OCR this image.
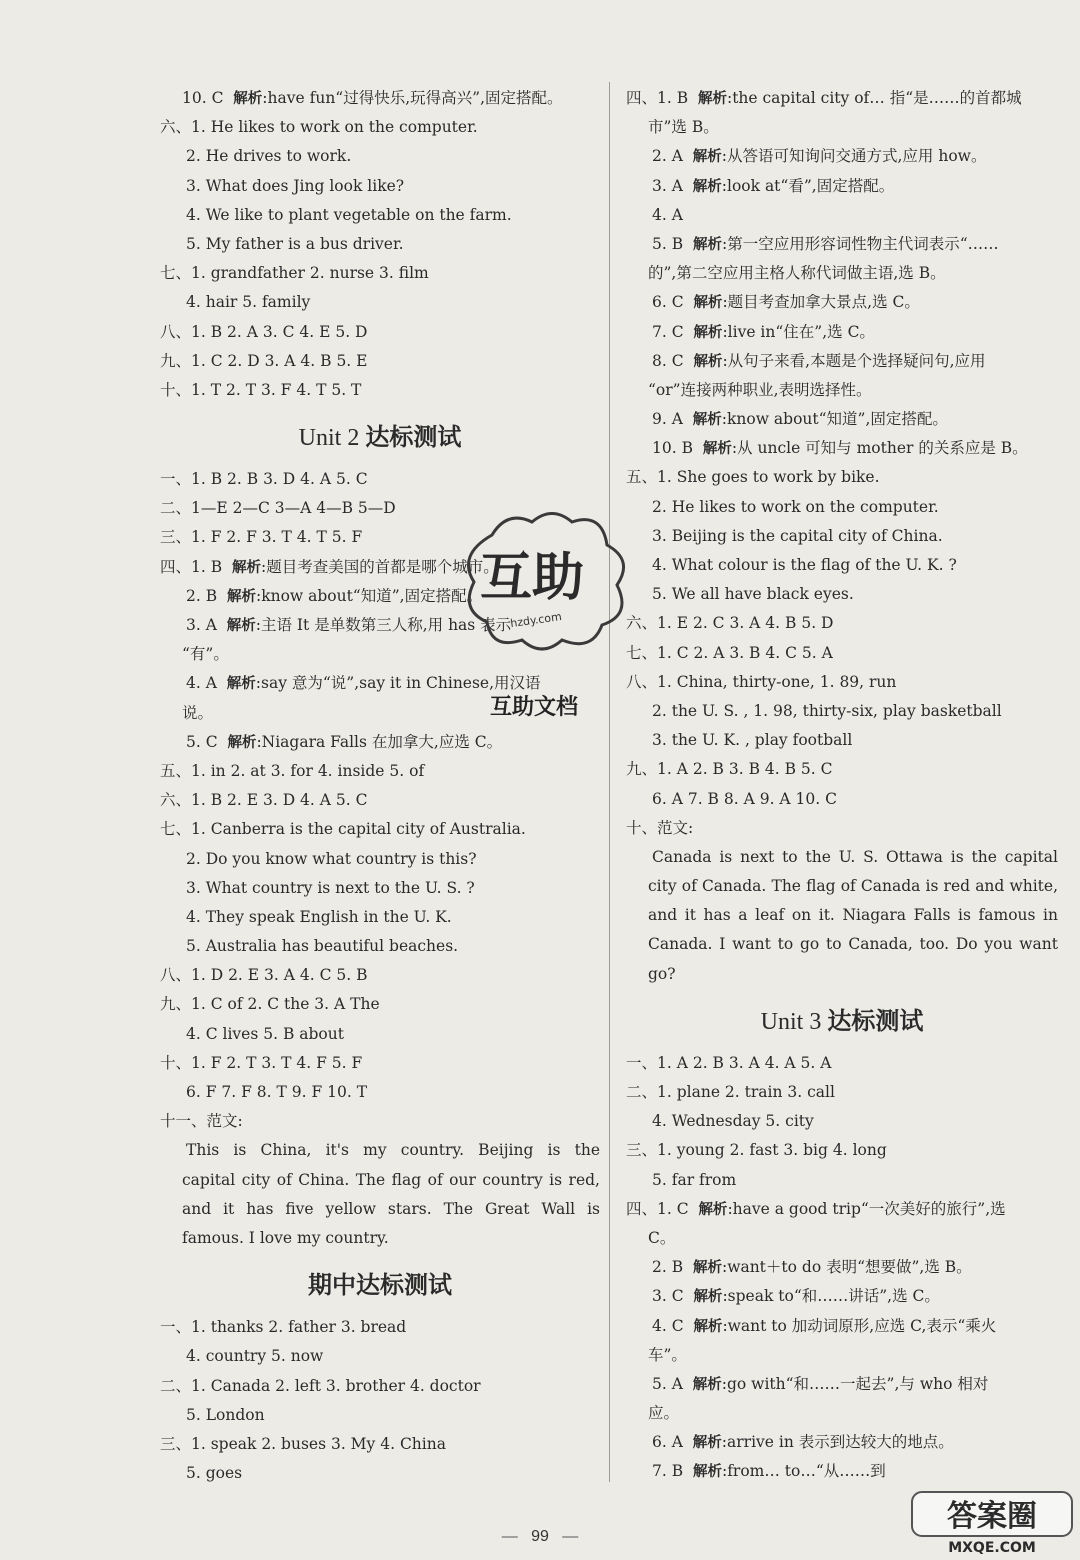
10. C 解析:have fun“过得快乐,玩得高兴”,固定搭配。
六、1. He likes to work on the computer.
2. He drives to work.
3. What does Jing look like?
4. We like to plant vegetable on the farm.
5. My father is a bus driver.
七、1. grandfather 2. nurse 3. film
4. hair 5. family
八、1. B 2. A 3. C 4. E 5. D
九、1. C 2. D 3. A 4. B 5. E
十、1. T 2. T 3. F 4. T 5. T
Unit 2 达标测试
一、1. B 2. B 3. D 4. A 5. C
二、1—E 2—C 3—A 4—B 5—D
三、1. F 2. F 3. T 4. T 5. F
四、1. B 解析:题目考查美国的首都是哪个城市。
2. B 解析:know about“知道”,固定搭配。
3. A 解析:主语 It 是单数第三人称,用 has 表示
“有”。
4. A 解析:say 意为“说”,say it in Chinese,用汉语
说。
5. C 解析:Niagara Falls 在加拿大,应选 C。
五、1. in 2. at 3. for 4. inside 5. of
六、1. B 2. E 3. D 4. A 5. C
七、1. Canberra is the capital city of Australia.
2. Do you know what country is this?
3. What country is next to the U. S. ?
4. They speak English in the U. K.
5. Australia has beautiful beaches.
八、1. D 2. E 3. A 4. C 5. B
九、1. C of 2. C the 3. A The
4. C lives 5. B about
十、1. F 2. T 3. T 4. F 5. F
6. F 7. F 8. T 9. F 10. T
十一、范文:
This is China, it's my country. Beijing is the
capital city of China. The flag of our country is red,
and it has five yellow stars. The Great Wall is
famous. I love my country.
期中达标测试
一、1. thanks 2. father 3. bread
4. country 5. now
二、1. Canada 2. left 3. brother 4. doctor
5. London
三、1. speak 2. buses 3. My 4. China
5. goes
四、1. B 解析:the capital city of… 指“是……的首都城
市”选 B。
2. A 解析:从答语可知询问交通方式,应用 how。
3. A 解析:look at“看”,固定搭配。
4. A
5. B 解析:第一空应用形容词性物主代词表示“……
的”,第二空应用主格人称代词做主语,选 B。
6. C 解析:题目考查加拿大景点,选 C。
7. C 解析:live in“住在”,选 C。
8. C 解析:从句子来看,本题是个选择疑问句,应用
“or”连接两种职业,表明选择性。
9. A 解析:know about“知道”,固定搭配。
10. B 解析:从 uncle 可知与 mother 的关系应是 B。
五、1. She goes to work by bike.
2. He likes to work on the computer.
3. Beijing is the capital city of China.
4. What colour is the flag of the U. K. ?
5. We all have black eyes.
六、1. E 2. C 3. A 4. B 5. D
七、1. C 2. A 3. B 4. C 5. A
八、1. China, thirty-one, 1. 89, run
2. the U. S. , 1. 98, thirty-six, play basketball
3. the U. K. , play football
九、1. A 2. B 3. B 4. B 5. C
6. A 7. B 8. A 9. A 10. C
十、范文:
Canada is next to the U. S. Ottawa is the capital
city of Canada. The flag of Canada is red and white,
and it has a leaf on it. Niagara Falls is famous in
Canada. I want to go to Canada, too. Do you want
go?
Unit 3 达标测试
一、1. A 2. B 3. A 4. A 5. A
二、1. plane 2. train 3. call
4. Wednesday 5. city
三、1. young 2. fast 3. big 4. long
5. far from
四、1. C 解析:have a good trip“一次美好的旅行”,选
C。
2. B 解析:want＋to do 表明“想要做”,选 B。
3. C 解析:speak to“和……讲话”,选 C。
4. C 解析:want to 加动词原形,应选 C,表示“乘火
车”。
5. A 解析:go with“和……一起去”,与 who 相对
应。
6. A 解析:arrive in 表示到达较大的地点。
7. B 解析:from… to…“从……到
互助
hzdy.com
互助文档
— 99 —
答案圈
MXQE.COM
